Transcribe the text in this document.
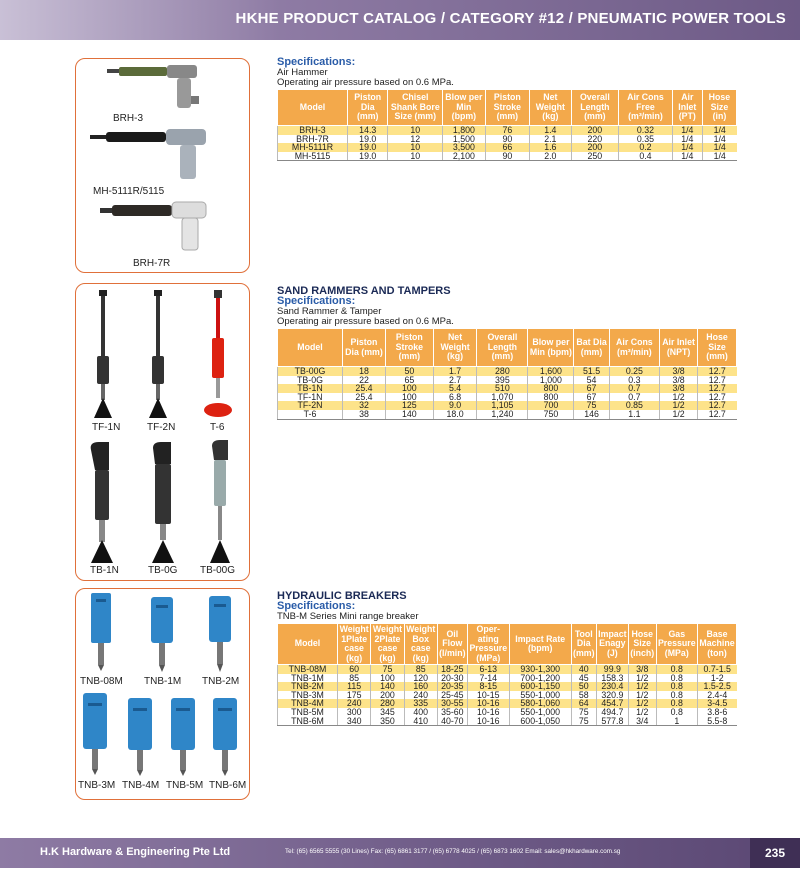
HKHE PRODUCT CATALOG / CATEGORY #12 / PNEUMATIC POWER TOOLS
BRH-3
MH-5111R/5115
BRH-7R
Specifications:
Air Hammer
Operating air pressure based on 0.6 MPa.
Model	Piston Dia (mm)	Chisel Shank Bore Size (mm)	Blow per Min (bpm)	Piston Stroke (mm)	Net Weight (kg)	Overall Length (mm)	Air Cons Free (m³/min)	Air Inlet (PT)	Hose Size (in)
BRH-3	14.3	10	1,800	76	1.4	200	0.32	1/4	1/4
BRH-7R	19.0	12	1,500	90	2.1	220	0.35	1/4	1/4
MH-5111R	19.0	10	3,500	66	1.6	200	0.2	1/4	1/4
MH-5115	19.0	10	2,100	90	2.0	250	0.4	1/4	1/4
TF-1N	TF-2N	T-6
TB-1N	TB-0G TB-00G
SAND RAMMERS AND TAMPERS
Specifications:
Sand Rammer & Tamper
Operating air pressure based on 0.6 MPa.
Model	Piston Dia (mm)	Piston Stroke (mm)	Net Weight (kg)	Overall Length (mm)	Blow per Min (bpm)	Bat Dia (mm)	Air Cons (m³/min)	Air Inlet (NPT)	Hose Size (mm)
TB-00G	18	50	1.7	280	1,600	51.5	0.25	3/8	12.7
TB-0G	22	65	2.7	395	1,000	54	0.3	3/8	12.7
TB-1N	25.4	100	5.4	510	800	67	0.7	3/8	12.7
TF-1N	25.4	100	6.8	1,070	800	67	0.7	1/2	12.7
TF-2N	32	125	9.0	1,105	700	75	0.85	1/2	12.7
T-6	38	140	18.0	1,240	750	146	1.1	1/2	12.7
TNB-08M TNB-1M TNB-2M
TNB-3M TNB-4M TNB-5M TNB-6M
HYDRAULIC BREAKERS
Specifications:
TNB-M Series Mini range breaker
Model	Weight 1Plate case (kg)	Weight 2Plate case (kg)	Weight Box case (kg)	Oil Flow (l/min)	Oper-ating Pressure (MPa)	Impact Rate (bpm)	Tool Dia (mm)	Impact Enagy (J)	Hose Size (inch)	Gas Pressure (MPa)	Base Machine (ton)
TNB-08M	60	75	85	18-25	6-13	930-1,300	40	99.9	3/8	0.8	0.7-1.5
TNB-1M	85	100	120	20-30	7-14	700-1,200	45	158.3	1/2	0.8	1-2
TNB-2M	115	140	160	20-35	8-15	600-1,150	50	230.4	1/2	0.8	1.5-2.5
TNB-3M	175	200	240	25-45	10-15	550-1,000	58	320.9	1/2	0.8	2.4-4
TNB-4M	240	280	335	30-55	10-16	580-1,060	64	454.7	1/2	0.8	3-4.5
TNB-5M	300	345	400	35-60	10-16	550-1,000	75	494.7	1/2	0.8	3.8-6
TNB-6M	340	350	410	40-70	10-16	600-1,050	75	577.8	3/4	1	5.5-8
H.K Hardware & Engineering Pte Ltd	Tel: (65) 6565 5555 (30 Lines) Fax: (65) 6861 3177 / (65) 6778 4025 / (65) 6873 1602 Email: sales@hkhardware.com.sg	235
